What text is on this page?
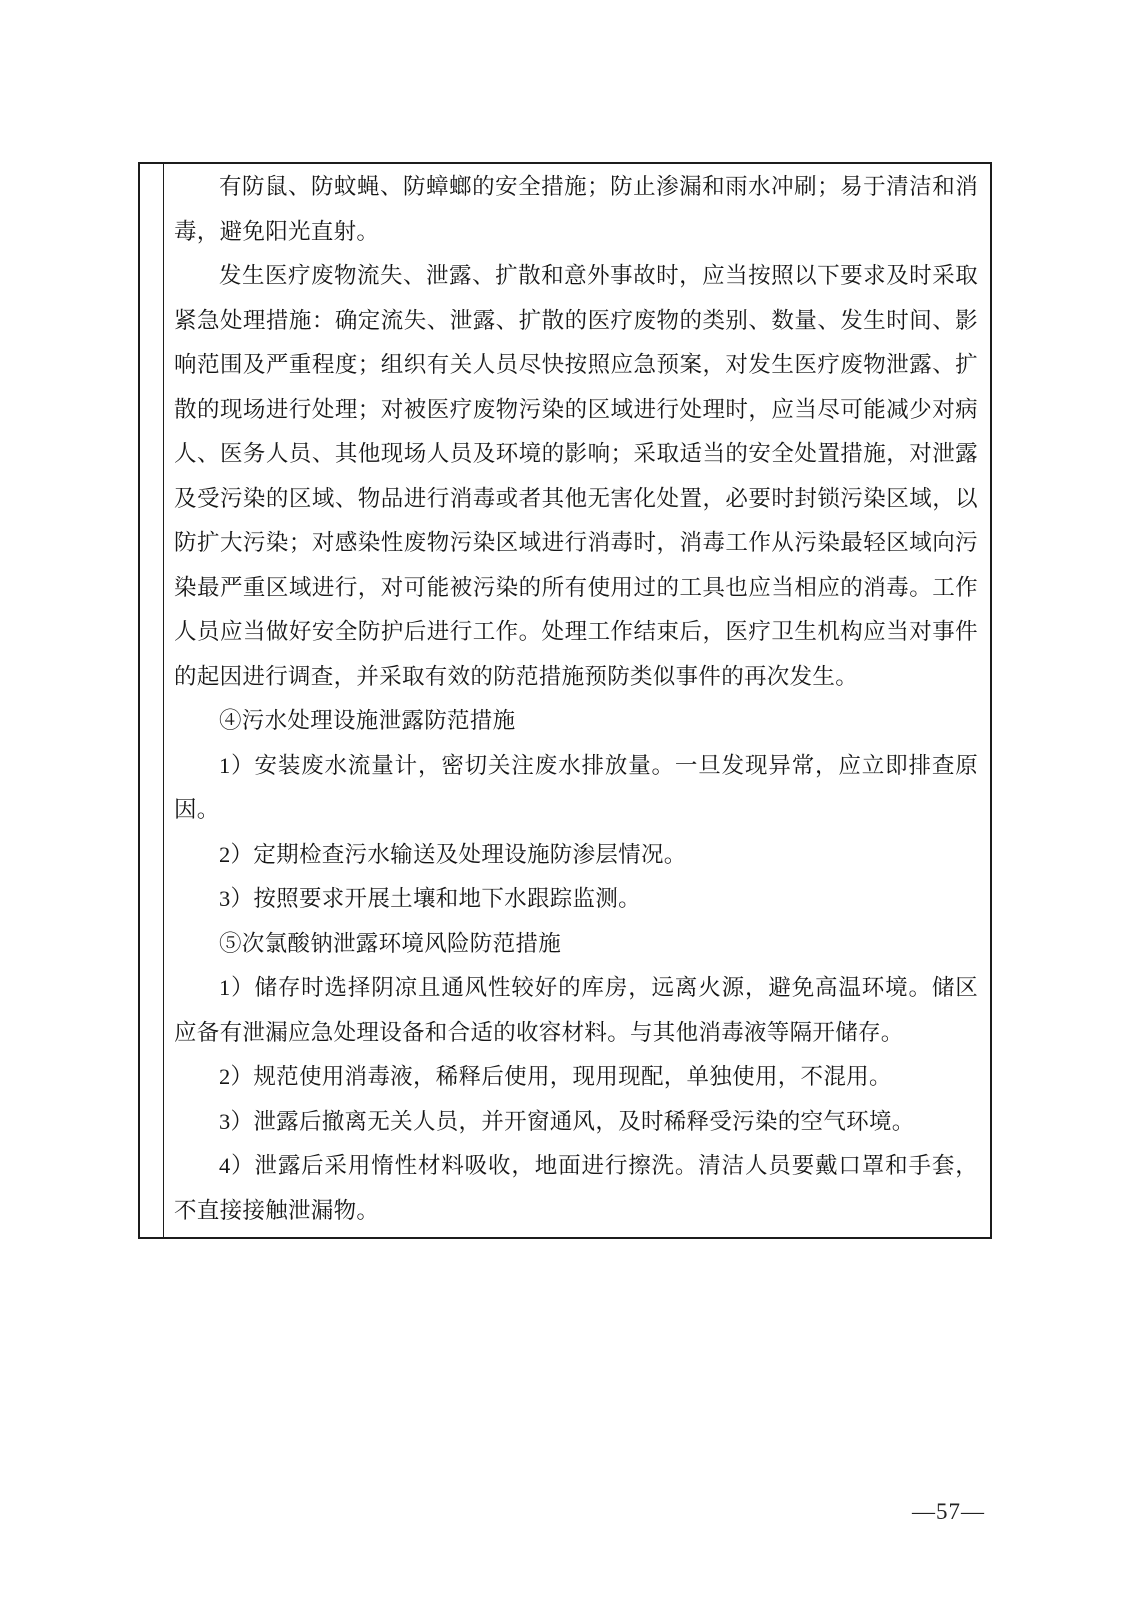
有防鼠、防蚊蝇、防蟑螂的安全措施；防止渗漏和雨水冲刷；易于清洁和消毒，避免阳光直射。

发生医疗废物流失、泄露、扩散和意外事故时，应当按照以下要求及时采取紧急处理措施：确定流失、泄露、扩散的医疗废物的类别、数量、发生时间、影响范围及严重程度；组织有关人员尽快按照应急预案，对发生医疗废物泄露、扩散的现场进行处理；对被医疗废物污染的区域进行处理时，应当尽可能减少对病人、医务人员、其他现场人员及环境的影响；采取适当的安全处置措施，对泄露及受污染的区域、物品进行消毒或者其他无害化处置，必要时封锁污染区域，以防扩大污染；对感染性废物污染区域进行消毒时，消毒工作从污染最轻区域向污染最严重区域进行，对可能被污染的所有使用过的工具也应当相应的消毒。工作人员应当做好安全防护后进行工作。处理工作结束后，医疗卫生机构应当对事件的起因进行调查，并采取有效的防范措施预防类似事件的再次发生。

④污水处理设施泄露防范措施

1）安装废水流量计，密切关注废水排放量。一旦发现异常，应立即排查原因。

2）定期检查污水输送及处理设施防渗层情况。

3）按照要求开展土壤和地下水跟踪监测。

⑤次氯酸钠泄露环境风险防范措施

1）储存时选择阴凉且通风性较好的库房，远离火源，避免高温环境。储区应备有泄漏应急处理设备和合适的收容材料。与其他消毒液等隔开储存。

2）规范使用消毒液，稀释后使用，现用现配，单独使用，不混用。

3）泄露后撤离无关人员，并开窗通风，及时稀释受污染的空气环境。

4）泄露后采用惰性材料吸收，地面进行擦洗。清洁人员要戴口罩和手套，不直接接触泄漏物。

—57—
